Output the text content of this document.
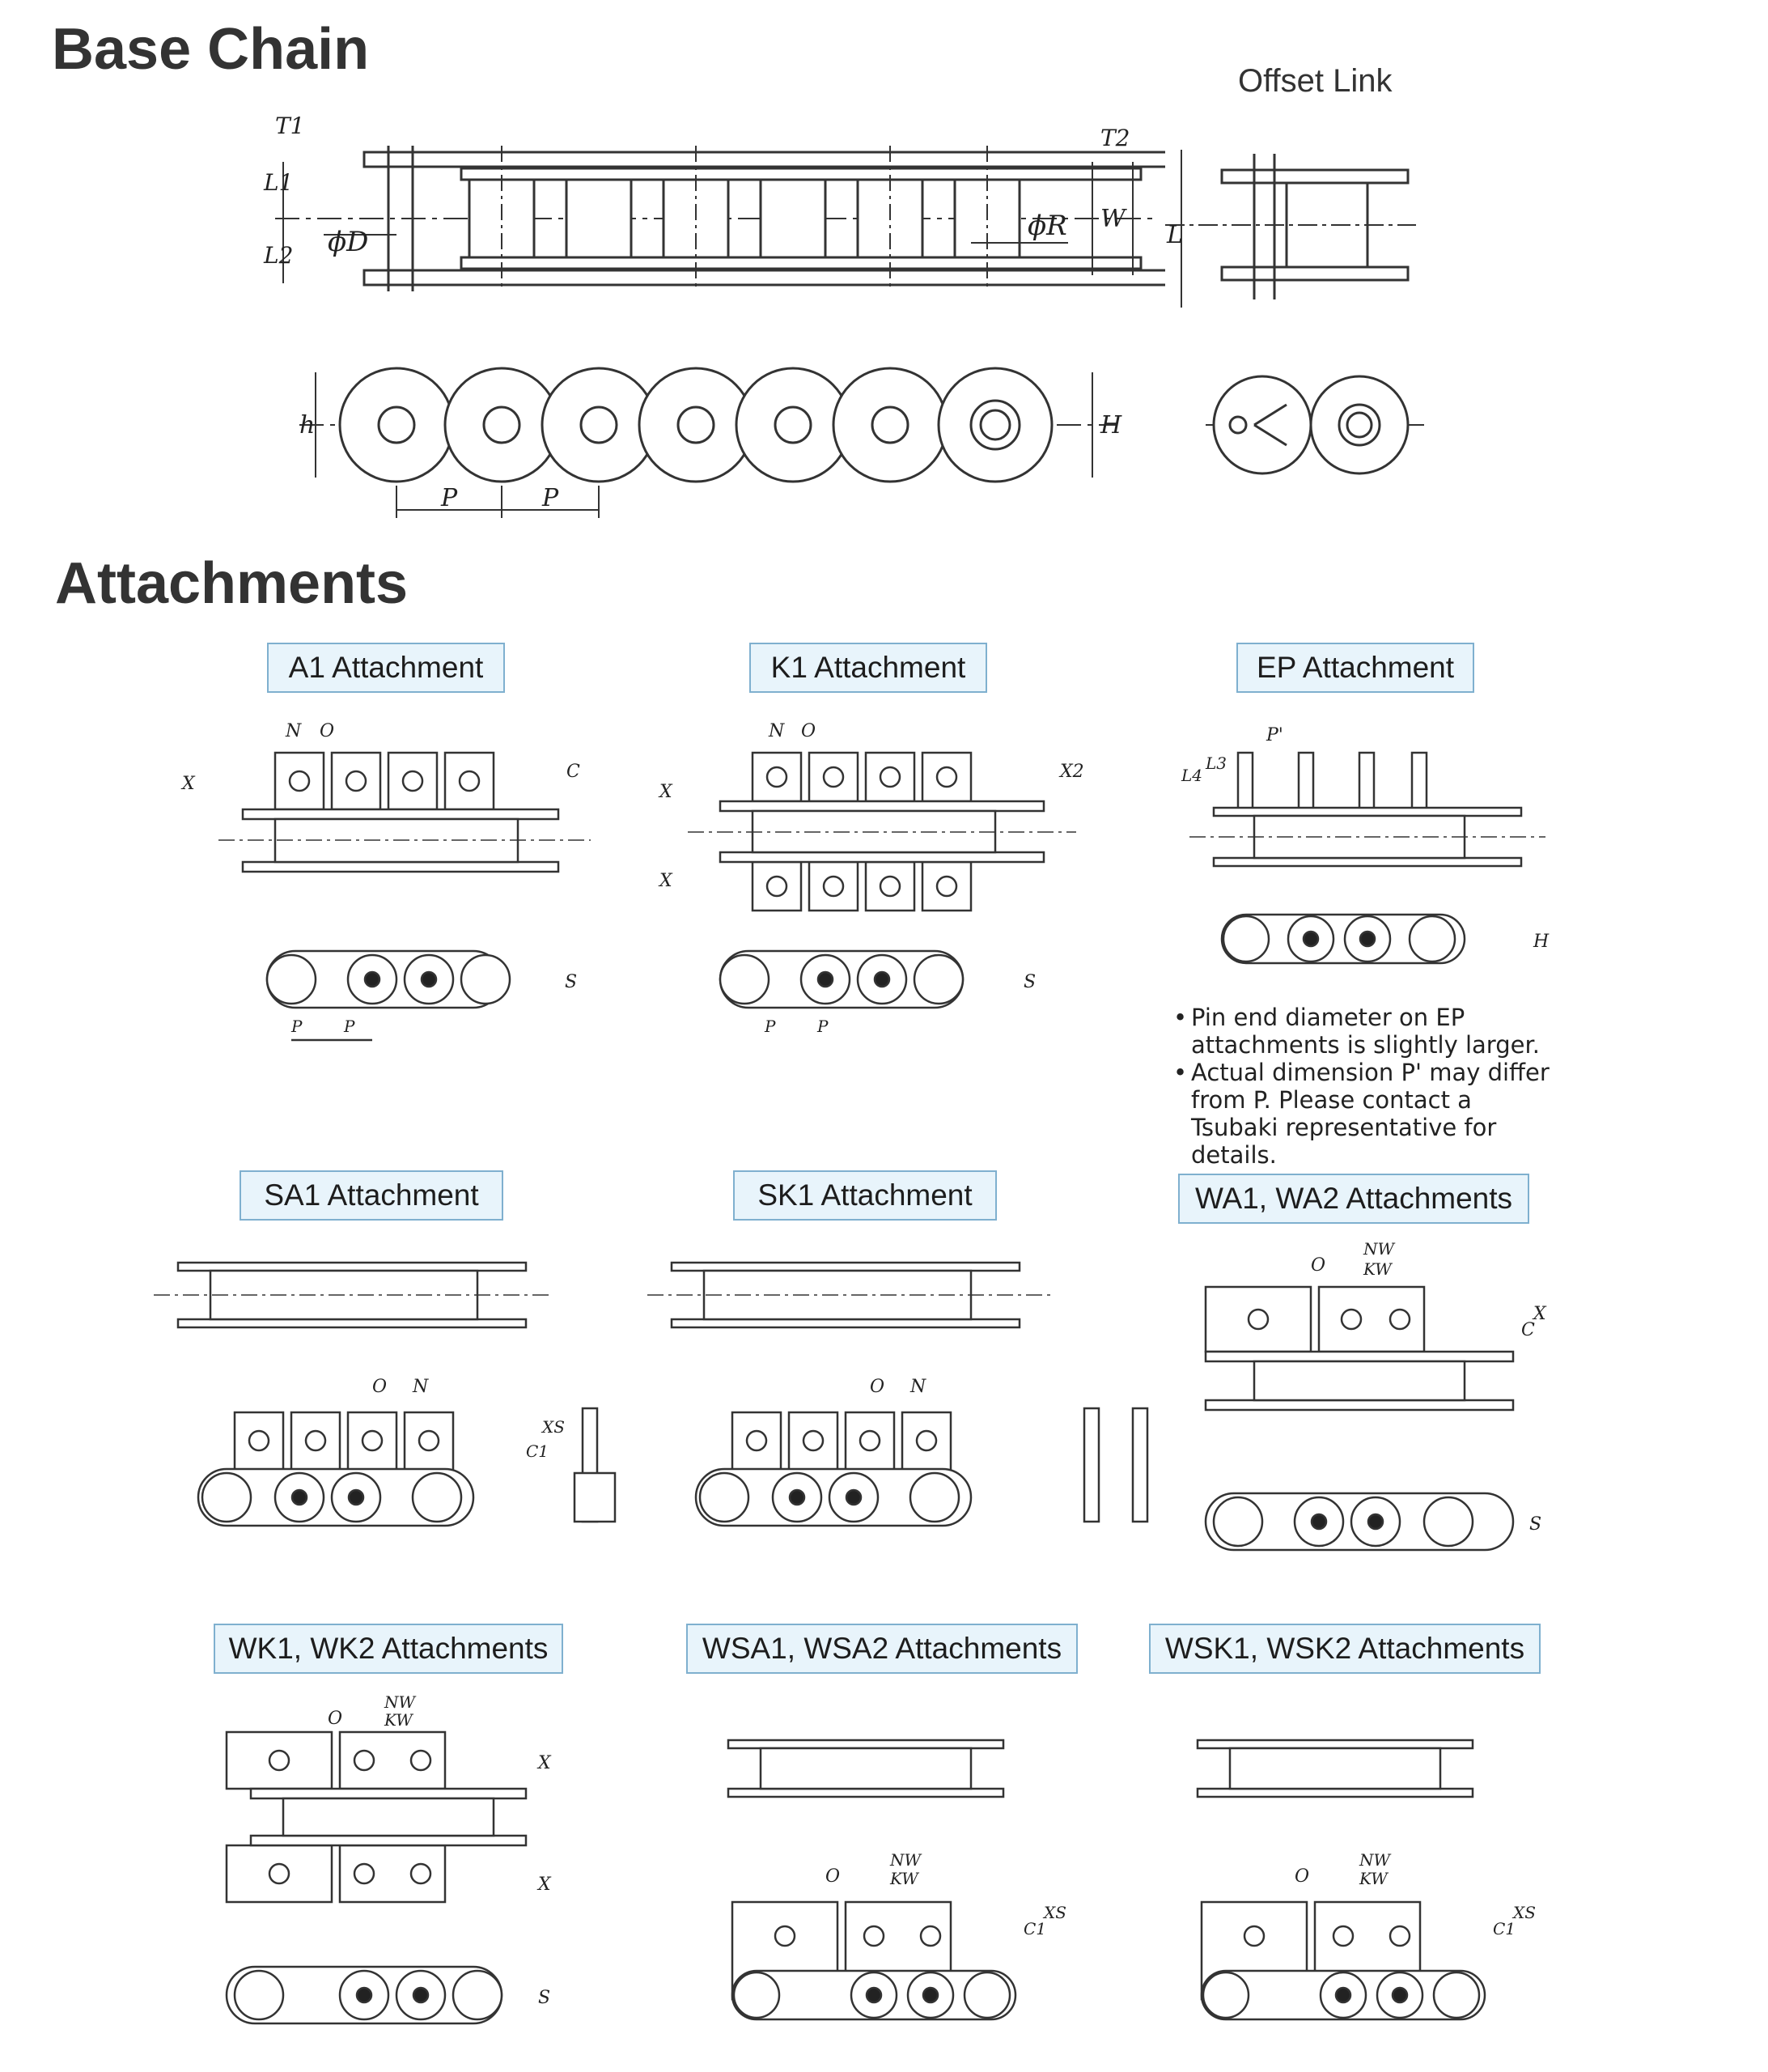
Base Chain	Offset Link
T1
L1
L2 ϕD	ϕR
T2
W
h	H
P	P
L
Attachments
A1 Attachment	K1 Attachment	EP Attachment
SA1 Attachment	SK1 Attachment	WA1, WA2 Attachments
WK1, WK2 Attachments	WSA1, WSA2 Attachments	WSK1, WSK2 Attachments
N O
X
C
S
P	P
N O
X
X
X2
S
P	P
P'
L4
L3
H
• Pin end diameter on EP attachments is slightly larger.
• Actual dimension P' may differ from P. Please contact a Tsubaki representative for details.
N
O
C1
XS
N
O
NW
KW
O
C
X
S
NW
KW
O
X
X
S
NW
KW
O
C1
XS
NW
KW
O
C1
XS
